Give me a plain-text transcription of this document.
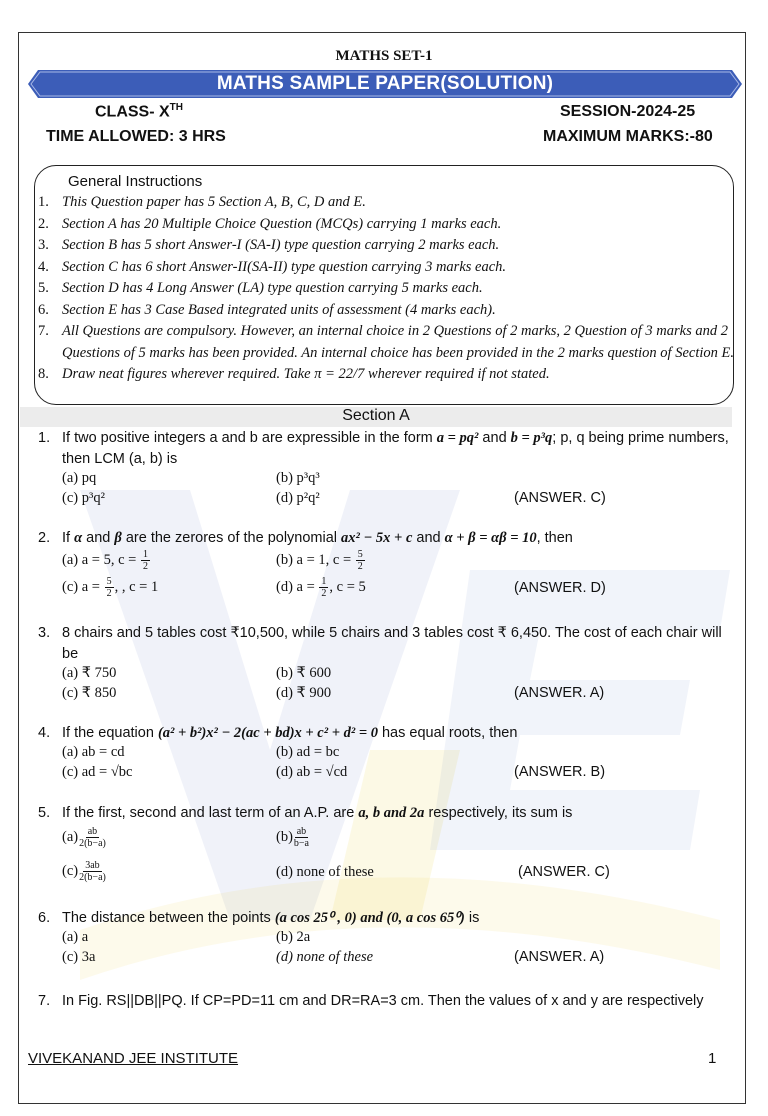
MATHS SET-1
MATHS SAMPLE PAPER(SOLUTION)
CLASS- XTH	SESSION-2024-25
TIME ALLOWED: 3 HRS	MAXIMUM MARKS:-80
General Instructions
1. This Question paper has 5 Section A, B, C, D and E.
2. Section A has 20 Multiple Choice Question (MCQs) carrying 1 marks each.
3. Section B has 5 short Answer-I (SA-I) type question carrying 2 marks each.
4. Section C has 6 short Answer-II(SA-II) type question carrying 3 marks each.
5. Section D has 4 Long Answer (LA) type question carrying 5 marks each.
6. Section E has 3 Case Based integrated units of assessment (4 marks each).
7. All Questions are compulsory. However, an internal choice in 2 Questions of 2 marks, 2 Question of 3 marks and 2 Questions of 5 marks has been provided. An internal choice has been provided in the 2 marks question of Section E.
8. Draw neat figures wherever required. Take π = 22/7 wherever required if not stated.
Section A
1. If two positive integers a and b are expressible in the form a = pq² and b = p³q; p, q being prime numbers, then LCM (a, b) is
(a) pq	(b) p³q³
(c) p³q²	(d) p²q²	(ANSWER. C)
2. If α and β are the zerores of the polynomial ax² − 5x + c and α + β = αβ = 10, then
(a) a = 5, $c = \frac{1}{2}$	(b) a = 1, $c = \frac{5}{2}$
(c) $a = \frac{5}{2}$ , , c = 1	(d) $a = \frac{1}{2}$ , c = 5	(ANSWER. D)
3. 8 chairs and 5 tables cost ₹10,500, while 5 chairs and 3 tables cost ₹ 6,450. The cost of each chair will be
(a) ₹ 750	(b) ₹ 600
(c) ₹ 850	(d) ₹ 900	(ANSWER. A)
4. If the equation (a² + b²)x² − 2(ac + bd)x + c² + d² = 0 has equal roots, then
(a) ab = cd	(b) ad = bc
(c) ad = √bc	(d) ab = √cd	(ANSWER. B)
5. If the first, second and last term of an A.P. are a, b and 2a respectively, its sum is
$(a) \frac{ab}{2(b-a)}$	$(b) \frac{ab}{b-a}$
$(c) \frac{3ab}{2(b-a)}$	(d) none of these	(ANSWER. C)
6. The distance between the points (a cos 25⁰ , 0) and (0, a cos 65⁰) is
(a) a	(b) 2a
(c) 3a	(d) none of these	(ANSWER. A)
7. In Fig. RS||DB||PQ. If CP=PD=11 cm and DR=RA=3 cm. Then the values of x and y are respectively
VIVEKANAND JEE INSTITUTE	1
